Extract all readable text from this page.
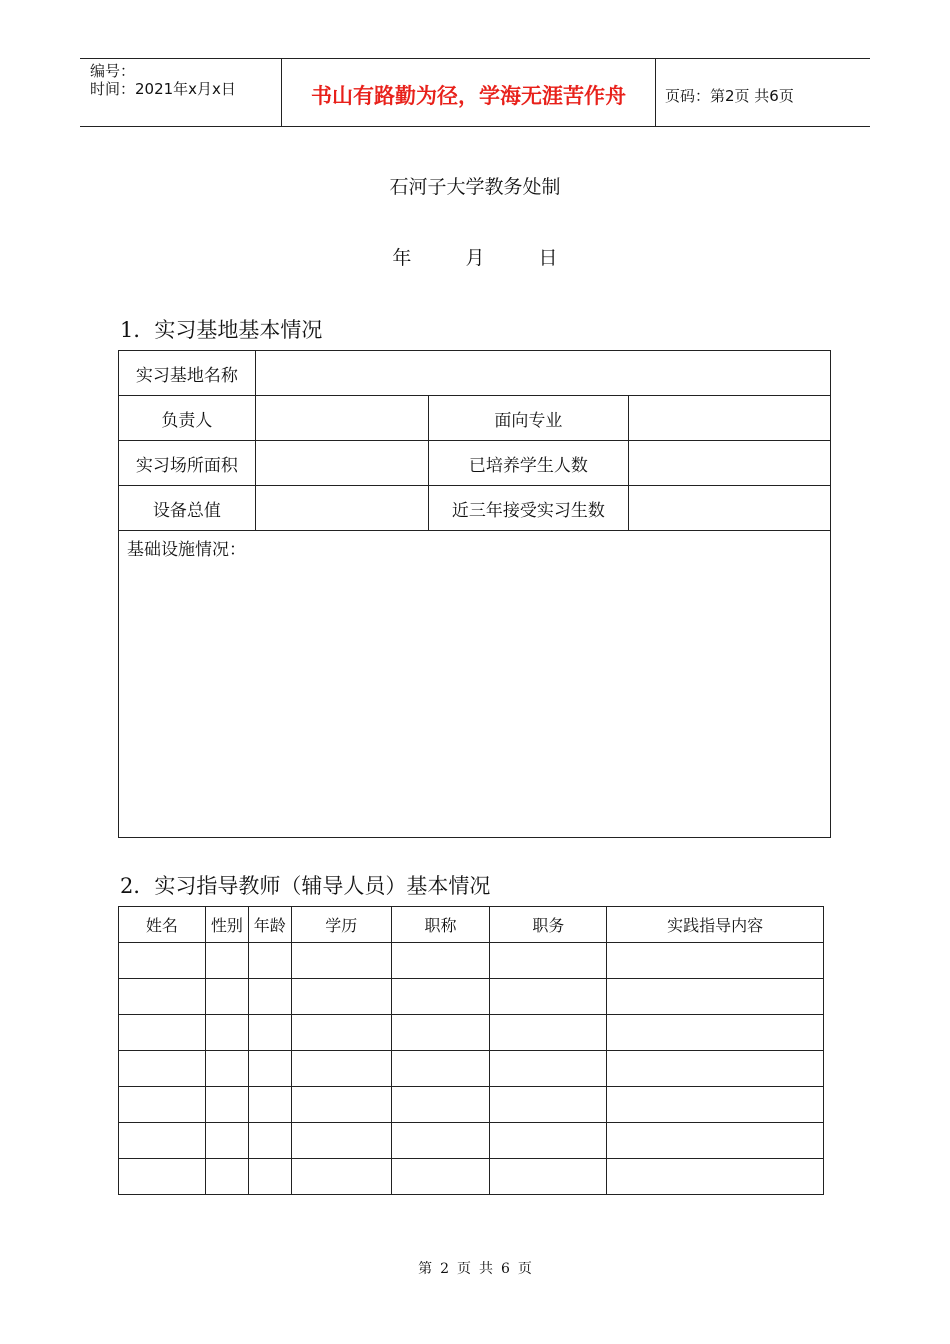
编号：
时间：2021年x月x日	书山有路勤为径，学海无涯苦作舟	页码：第2页 共6页
石河子大学教务处制
年	月	日
1．实习基地基本情况
实习基地名称			
负责人		面向专业	
实习场所面积		已培养学生人数	
设备总值		近三年接受实习生数	
基础设施情况：			
2．实习指导教师（辅导人员）基本情况
姓名	性别	年龄	学历	职称	职务	实践指导内容

第 2 页 共 6 页
